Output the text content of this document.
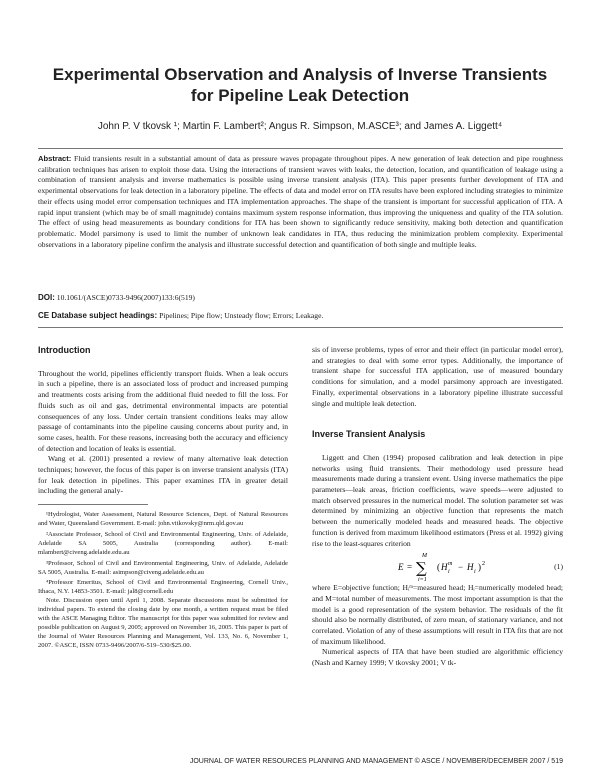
Experimental Observation and Analysis of Inverse Transients for Pipeline Leak Detection
John P. V tkovsk ¹; Martin F. Lambert²; Angus R. Simpson, M.ASCE³; and James A. Liggett⁴
Abstract: Fluid transients result in a substantial amount of data as pressure waves propagate throughout pipes. A new generation of leak detection and pipe roughness calibration techniques has arisen to exploit those data. Using the interactions of transient waves with leaks, the detection, location, and quantification of leakage using a combination of transient analysis and inverse mathematics is possible using inverse transient analysis (ITA). This paper presents further development of ITA and experimental observations for leak detection in a laboratory pipeline. The effects of data and model error on ITA results have been explored including strategies to minimize their effects using model error compensation techniques and ITA implementation approaches. The shape of the transient is important for successful application of ITA. A rapid input transient (which may be of small magnitude) contains maximum system response information, thus improving the uniqueness and quality of the ITA solution. The effect of using head measurements as boundary conditions for ITA has been shown to significantly reduce sensitivity, making both detection and quantification problematic. Model parsimony is used to limit the number of unknown leak candidates in ITA, thus reducing the minimization problem complexity. Experimental observations in a laboratory pipeline confirm the analysis and illustrate successful detection and quantification of both single and multiple leaks.
DOI: 10.1061/(ASCE)0733-9496(2007)133:6(519)
CE Database subject headings: Pipelines; Pipe flow; Unsteady flow; Errors; Leakage.

Introduction

Throughout the world, pipelines efficiently transport fluids. When a leak occurs in such a pipeline, there is an associated loss of product and increased pumping and treatments costs arising from the additional fluid needed to fill the loss. For fluids such as oil and gas, detrimental environmental impacts are potential consequences of any loss. Under certain transient conditions leaks may allow passage of contaminants into the pipeline causing concerns about purity and, in some cases, health. For these reasons, increasing both the accuracy and efficiency of detection and location of leaks is essential.

Wang et al. (2001) presented a review of many alternative leak detection techniques; however, the focus of this paper is on inverse transient analysis (ITA) for leak detection in pipelines. This paper examines ITA in greater detail including the general analy-

¹Hydrologist, Water Assessment, Natural Resource Sciences, Dept. of Natural Resources and Water, Queensland Government. E-mail: john.vitkovsky@nrm.qld.gov.au

²Associate Professor, School of Civil and Environmental Engineering, Univ. of Adelaide, Adelaide SA 5005, Australia (corresponding author). E-mail: mlambert@civeng.adelaide.edu.au

³Professor, School of Civil and Environmental Engineering, Univ. of Adelaide, Adelaide SA 5005, Australia. E-mail: asimpson@civeng.adelaide.edu.au

⁴Professor Emeritus, School of Civil and Environmental Engineering, Cornell Univ., Ithaca, N.Y. 14853-3501. E-mail: jal8@cornell.edu

Note. Discussion open until April 1, 2008. Separate discussions must be submitted for individual papers. To extend the closing date by one month, a written request must be filed with the ASCE Managing Editor. The manuscript for this paper was submitted for review and possible publication on August 9, 2005; approved on November 16, 2005. This paper is part of the Journal of Water Resources Planning and Management, Vol. 133, No. 6, November 1, 2007. ©ASCE, ISSN 0733-9496/2007/6-519–530/$25.00.

sis of inverse problems, types of error and their effect (in particular model error), and strategies to deal with some error types. Additionally, the importance of transient shape for successful ITA application, use of measured boundary conditions for simulation, and a model parsimony approach are investigated. Finally, experimental observations in a laboratory pipeline illustrate successful single and multiple leak detection.

Inverse Transient Analysis

Liggett and Chen (1994) proposed calibration and leak detection in pipe networks using fluid transients. Their methodology used pressure head measurements made during a transient event. Using inverse mathematics the pipe parameters—leak areas, friction coefficients, wave speeds—were adjusted to match observed pressures in the numerical model. The solution parameter set was determined by minimizing an objective function that represents the match between the numerically modeled heads and measured heads. The objective function is derived from maximum likelihood estimators (Press et al. 1992) giving rise to the least-squares criterion

E =
M
∑
i=1
( H m
i − H i ) 2	(1)

where E=objective function; Hᵢᵐ=measured head; Hᵢ=numerically modeled head; and M=total number of measurements. The most important assumption is that the model is a good representation of the system behavior. The residuals of the fit should also be normally distributed, of zero mean, of stationary variance, and not correlated. Violation of any of these assumptions will result in ITA fits that are not of maximum likelihood.

Numerical aspects of ITA that have been studied are algorithmic efficiency (Nash and Karney 1999; V tkovsky 2001; V tk-

JOURNAL OF WATER RESOURCES PLANNING AND MANAGEMENT © ASCE / NOVEMBER/DECEMBER 2007 / 519
